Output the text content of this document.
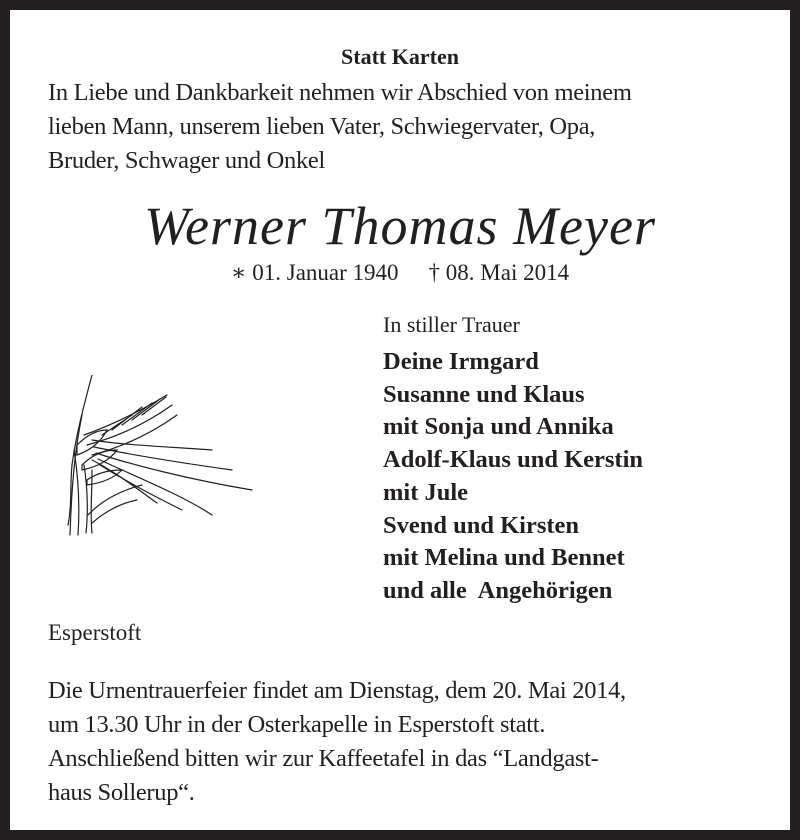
Statt Karten
In Liebe und Dankbarkeit nehmen wir Abschied von meinem
lieben Mann, unserem lieben Vater, Schwiegervater, Opa,
Bruder, Schwager und Onkel
Werner Thomas Meyer
∗ 01. Januar 1940 † 08. Mai 2014
In stiller Trauer
Deine Irmgard
Susanne und Klaus
mit Sonja und Annika
Adolf-Klaus und Kerstin
mit Jule
Svend und Kirsten
mit Melina und Bennet
und alle  Angehörigen
Esperstoft
Die Urnentrauerfeier findet am Dienstag, dem 20. Mai 2014,
um 13.30 Uhr in der Osterkapelle in Esperstoft statt.
Anschließend bitten wir zur Kaffeetafel in das “Landgast-
haus Sollerup“.
